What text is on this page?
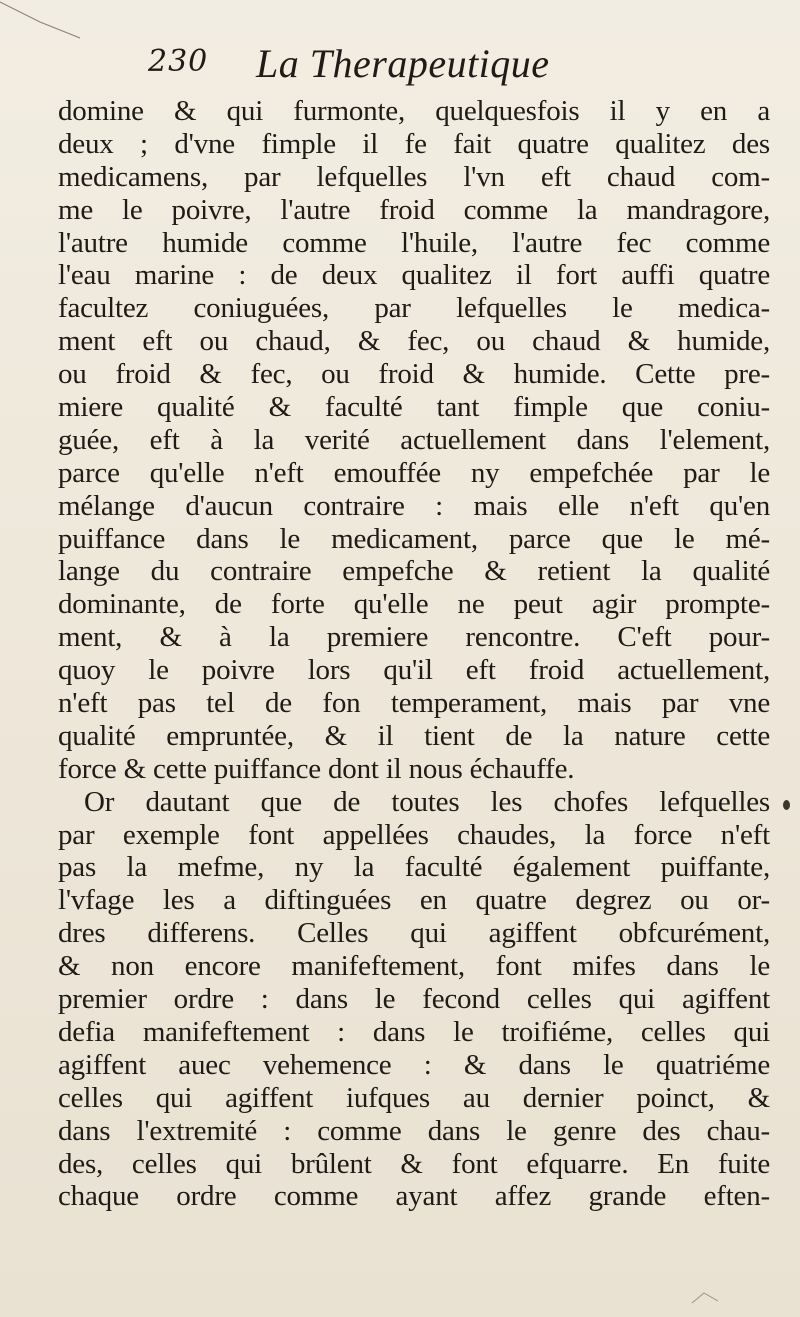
230 La Therapeutique
domine & qui furmonte, quelquesfois il y en a
deux ; d'vne fimple il fe fait quatre qualitez des
medicamens, par lefquelles l'vn eft chaud com-
me le poivre, l'autre froid comme la mandragore,
l'autre humide comme l'huile, l'autre fec comme
l'eau marine : de deux qualitez il fort auffi quatre
facultez coniuguées, par lefquelles le medica-
ment eft ou chaud, & fec, ou chaud & humide,
ou froid & fec, ou froid & humide. Cette pre-
miere qualité & faculté tant fimple que coniu-
guée, eft à la verité actuellement dans l'element,
parce qu'elle n'eft emouffée ny empefchée par le
mélange d'aucun contraire : mais elle n'eft qu'en
puiffance dans le medicament, parce que le mé-
lange du contraire empefche & retient la qualité
dominante, de forte qu'elle ne peut agir prompte-
ment, & à la premiere rencontre. C'eft pour-
quoy le poivre lors qu'il eft froid actuellement,
n'eft pas tel de fon temperament, mais par vne
qualité empruntée, & il tient de la nature cette
force & cette puiffance dont il nous échauffe.
Or dautant que de toutes les chofes lefquelles
par exemple font appellées chaudes, la force n'eft
pas la mefme, ny la faculté également puiffante,
l'vfage les a diftinguées en quatre degrez ou or-
dres differens. Celles qui agiffent obfcurément,
& non encore manifeftement, font mifes dans le
premier ordre : dans le fecond celles qui agiffent
defia manifeftement : dans le troifiéme, celles qui
agiffent auec vehemence : & dans le quatriéme
celles qui agiffent iufques au dernier poinct, &
dans l'extremité : comme dans le genre des chau-
des, celles qui brûlent & font efquarre. En fuite
chaque ordre comme ayant affez grande eften-
